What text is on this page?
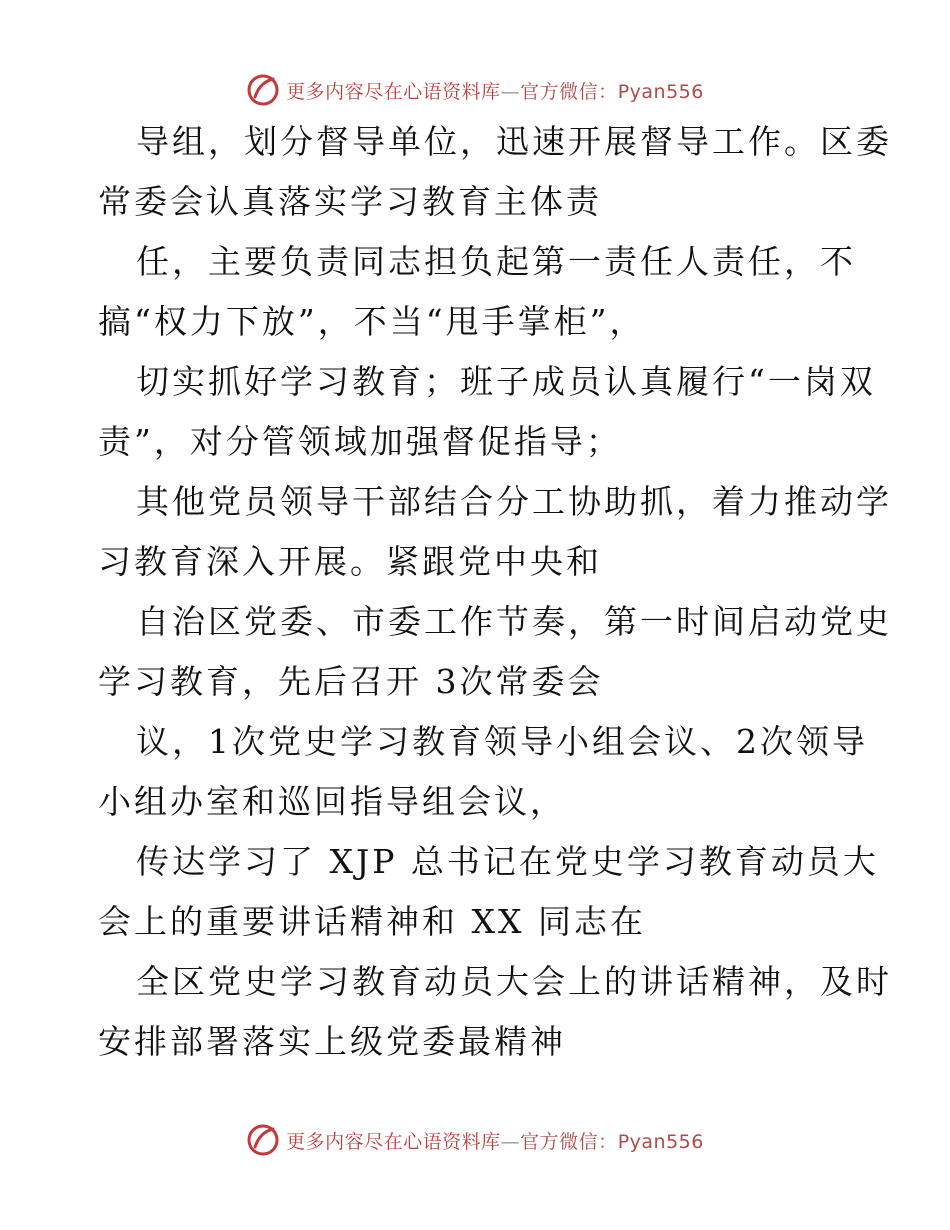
更多内容尽在心语资料库—官方微信：Pyan556
导组，划分督导单位，迅速开展督导工作。区委
常委会认真落实学习教育主体责
任，主要负责同志担负起第一责任人责任，不
搞“权力下放”，不当“甩手掌柜”，
切实抓好学习教育；班子成员认真履行“一岗双
责”，对分管领域加强督促指导；
其他党员领导干部结合分工协助抓，着力推动学
习教育深入开展。紧跟党中央和
自治区党委、市委工作节奏，第一时间启动党史
学习教育，先后召开 3次常委会
议，1次党史学习教育领导小组会议、2次领导
小组办室和巡回指导组会议，
传达学习了 XJP 总书记在党史学习教育动员大
会上的重要讲话精神和 XX 同志在
全区党史学习教育动员大会上的讲话精神，及时
安排部署落实上级党委最精神
更多内容尽在心语资料库—官方微信：Pyan556
